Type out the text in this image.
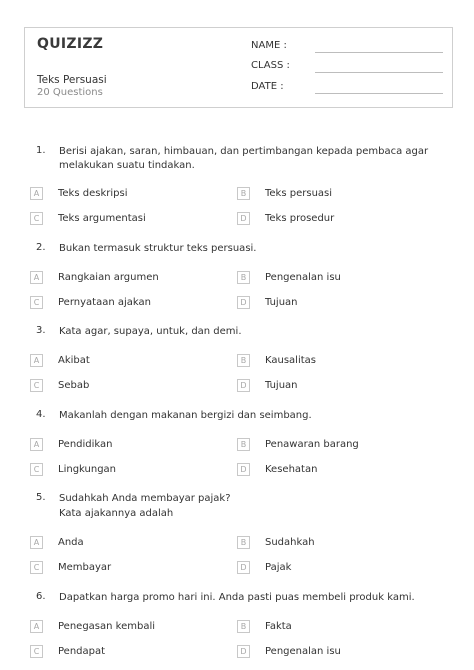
QUIZIZZ
Teks Persuasi
20 Questions
NAME :
CLASS :
DATE :
1. Berisi ajakan, saran, himbauan, dan pertimbangan kepada pembaca agar melakukan suatu tindakan.
A	Teks deskripsi	B	Teks persuasi
C	Teks argumentasi	D	Teks prosedur
2. Bukan termasuk struktur teks persuasi.
A	Rangkaian argumen	B	Pengenalan isu
C	Pernyataan ajakan	D	Tujuan
3. Kata agar, supaya, untuk, dan demi.
A	Akibat	B	Kausalitas
C	Sebab	D	Tujuan
4. Makanlah dengan makanan bergizi dan seimbang.
A	Pendidikan	B	Penawaran barang
C	Lingkungan	D	Kesehatan
5. Sudahkah Anda membayar pajak?
Kata ajakannya adalah
A	Anda	B	Sudahkah
C	Membayar	D	Pajak
6. Dapatkan harga promo hari ini. Anda pasti puas membeli produk kami.
A	Penegasan kembali	B	Fakta
C	Pendapat	D	Pengenalan isu
